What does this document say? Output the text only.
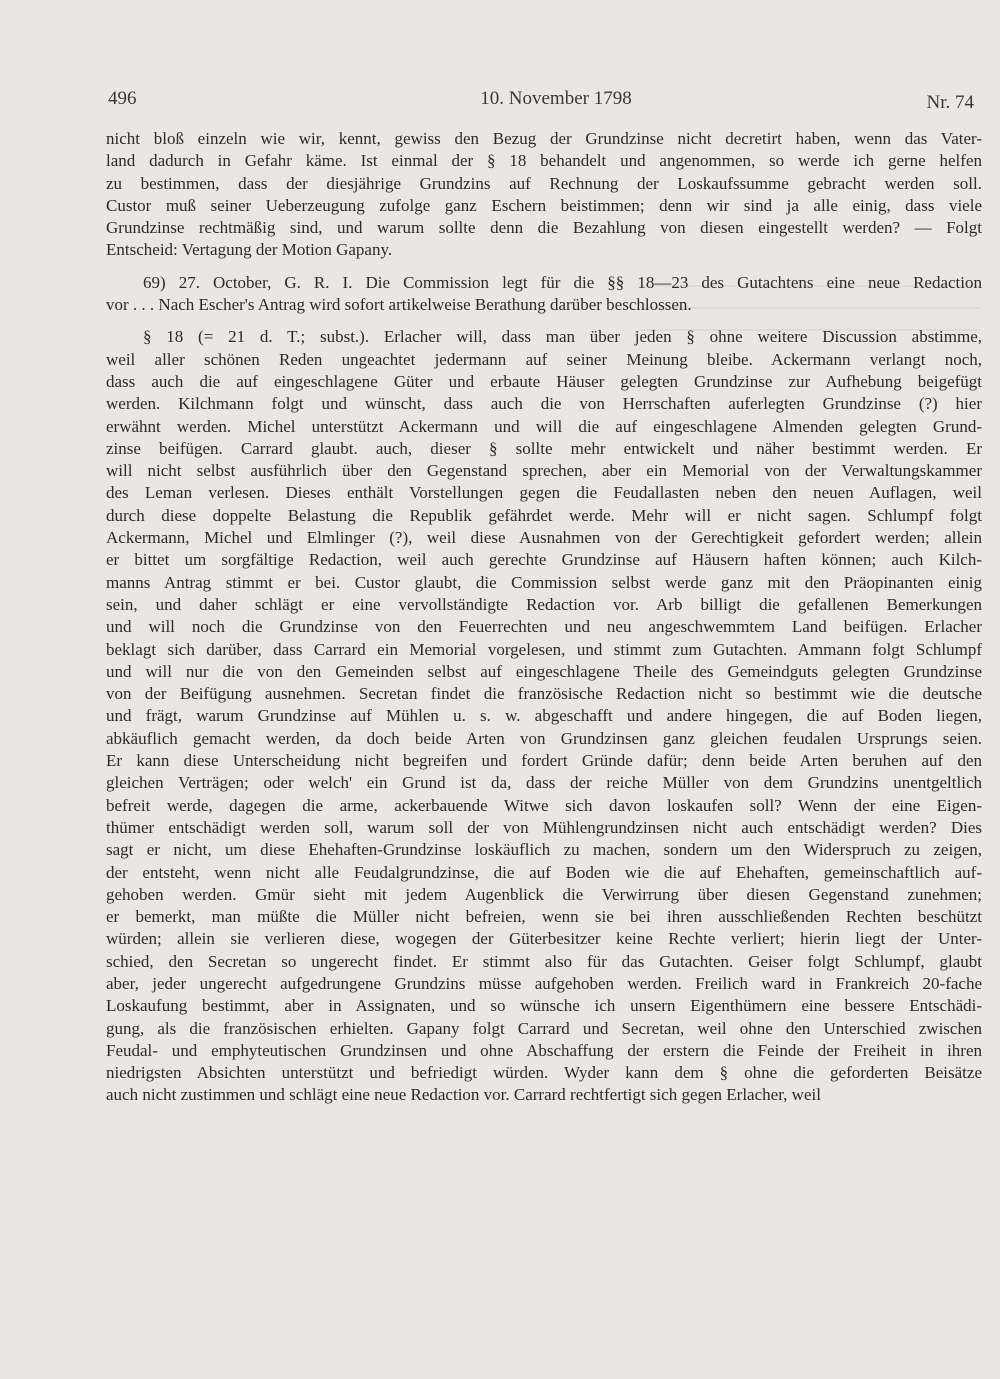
496	10. November 1798	Nr. 74
nicht bloß einzeln wie wir, kennt, gewiss den Bezug der Grundzinse nicht decretirt haben, wenn das Vater-
land dadurch in Gefahr käme. Ist einmal der § 18 behandelt und angenommen, so werde ich gerne helfen
zu bestimmen, dass der diesjährige Grundzins auf Rechnung der Loskaufssumme gebracht werden soll.
Custor muß seiner Ueberzeugung zufolge ganz Eschern beistimmen; denn wir sind ja alle einig, dass viele
Grundzinse rechtmäßig sind, und warum sollte denn die Bezahlung von diesen eingestellt werden? — Folgt
Entscheid: Vertagung der Motion Gapany.
69) 27. October, G. R. I. Die Commission legt für die §§ 18—23 des Gutachtens eine neue Redaction
vor . . . Nach Escher's Antrag wird sofort artikelweise Berathung darüber beschlossen.
§ 18 (= 21 d. T.; subst.). Erlacher will, dass man über jeden § ohne weitere Discussion abstimme,
weil aller schönen Reden ungeachtet jedermann auf seiner Meinung bleibe. Ackermann verlangt noch,
dass auch die auf eingeschlagene Güter und erbaute Häuser gelegten Grundzinse zur Aufhebung beigefügt
werden. Kilchmann folgt und wünscht, dass auch die von Herrschaften auferlegten Grundzinse (?) hier
erwähnt werden. Michel unterstützt Ackermann und will die auf eingeschlagene Almenden gelegten Grund-
zinse beifügen. Carrard glaubt. auch, dieser § sollte mehr entwickelt und näher bestimmt werden. Er
will nicht selbst ausführlich über den Gegenstand sprechen, aber ein Memorial von der Verwaltungskammer
des Leman verlesen. Dieses enthält Vorstellungen gegen die Feudallasten neben den neuen Auflagen, weil
durch diese doppelte Belastung die Republik gefährdet werde. Mehr will er nicht sagen. Schlumpf folgt
Ackermann, Michel und Elmlinger (?), weil diese Ausnahmen von der Gerechtigkeit gefordert werden; allein
er bittet um sorgfältige Redaction, weil auch gerechte Grundzinse auf Häusern haften können; auch Kilch-
manns Antrag stimmt er bei. Custor glaubt, die Commission selbst werde ganz mit den Präopinanten einig
sein, und daher schlägt er eine vervollständigte Redaction vor. Arb billigt die gefallenen Bemerkungen
und will noch die Grundzinse von den Feuerrechten und neu angeschwemmtem Land beifügen. Erlacher
beklagt sich darüber, dass Carrard ein Memorial vorgelesen, und stimmt zum Gutachten. Ammann folgt Schlumpf
und will nur die von den Gemeinden selbst auf eingeschlagene Theile des Gemeindguts gelegten Grundzinse
von der Beifügung ausnehmen. Secretan findet die französische Redaction nicht so bestimmt wie die deutsche
und frägt, warum Grundzinse auf Mühlen u. s. w. abgeschafft und andere hingegen, die auf Boden liegen,
abkäuflich gemacht werden, da doch beide Arten von Grundzinsen ganz gleichen feudalen Ursprungs seien.
Er kann diese Unterscheidung nicht begreifen und fordert Gründe dafür; denn beide Arten beruhen auf den
gleichen Verträgen; oder welch' ein Grund ist da, dass der reiche Müller von dem Grundzins unentgeltlich
befreit werde, dagegen die arme, ackerbauende Witwe sich davon loskaufen soll? Wenn der eine Eigen-
thümer entschädigt werden soll, warum soll der von Mühlengrundzinsen nicht auch entschädigt werden? Dies
sagt er nicht, um diese Ehehaften-Grundzinse loskäuflich zu machen, sondern um den Widerspruch zu zeigen,
der entsteht, wenn nicht alle Feudalgrundzinse, die auf Boden wie die auf Ehehaften, gemeinschaftlich auf-
gehoben werden. Gmür sieht mit jedem Augenblick die Verwirrung über diesen Gegenstand zunehmen;
er bemerkt, man müßte die Müller nicht befreien, wenn sie bei ihren ausschließenden Rechten beschützt
würden; allein sie verlieren diese, wogegen der Güterbesitzer keine Rechte verliert; hierin liegt der Unter-
schied, den Secretan so ungerecht findet. Er stimmt also für das Gutachten. Geiser folgt Schlumpf, glaubt
aber, jeder ungerecht aufgedrungene Grundzins müsse aufgehoben werden. Freilich ward in Frankreich 20-fache
Loskaufung bestimmt, aber in Assignaten, und so wünsche ich unsern Eigenthümern eine bessere Entschädi-
gung, als die französischen erhielten. Gapany folgt Carrard und Secretan, weil ohne den Unterschied zwischen
Feudal- und emphyteutischen Grundzinsen und ohne Abschaffung der erstern die Feinde der Freiheit in ihren
niedrigsten Absichten unterstützt und befriedigt würden. Wyder kann dem § ohne die geforderten Beisätze
auch nicht zustimmen und schlägt eine neue Redaction vor. Carrard rechtfertigt sich gegen Erlacher, weil
